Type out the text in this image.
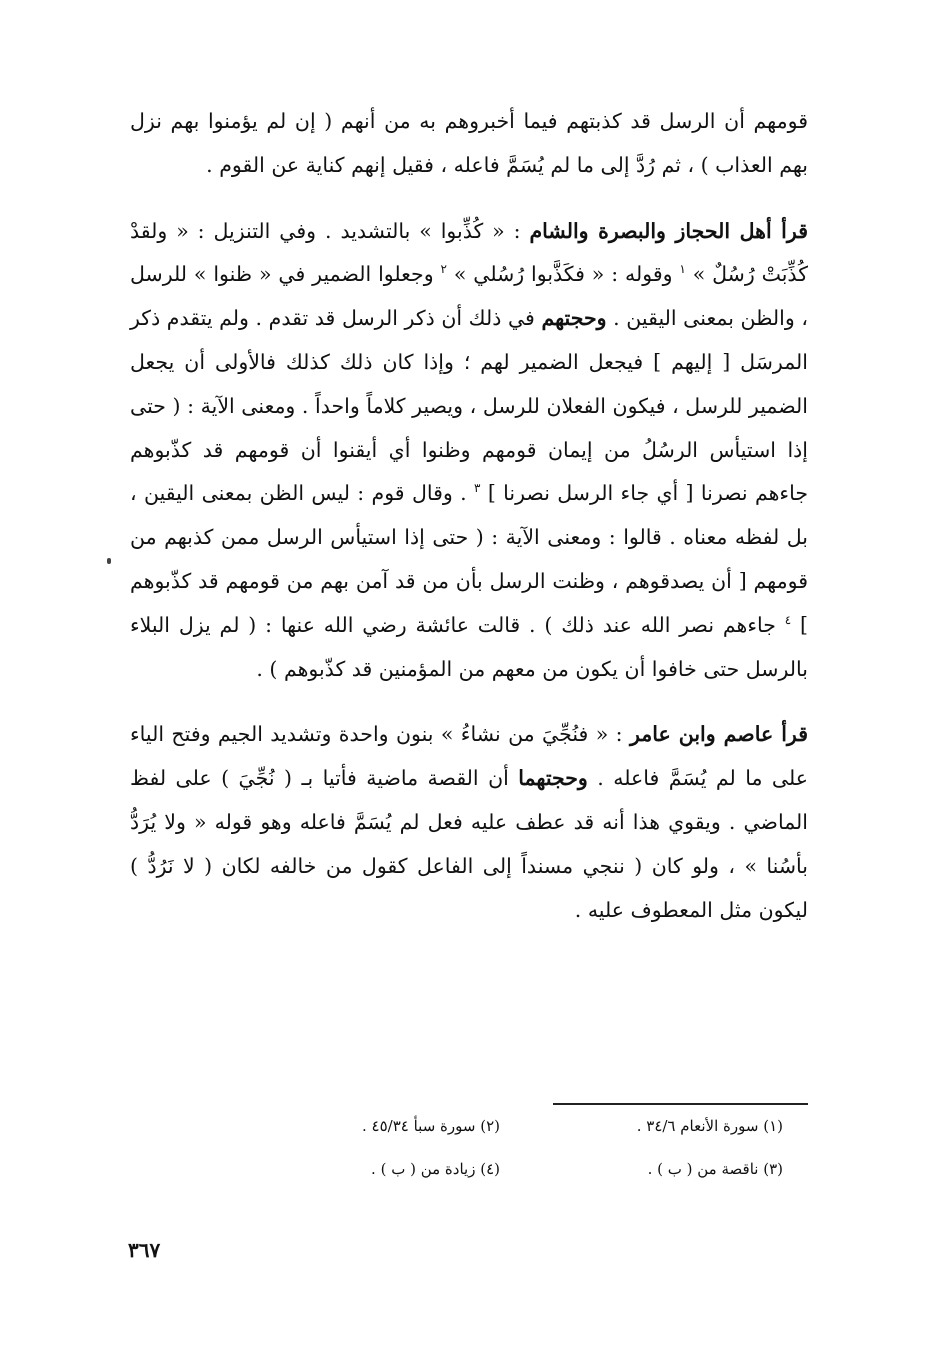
قومهم أن الرسل قد كذبتهم فيما أخبروهم به من أنهم ( إن لم يؤمنوا بهم نزل بهم العذاب ) ، ثم رُدَّ إلى ما لم يُسَمَّ فاعله ، فقيل إنهم كناية عن القوم .

قرأ أهل الحجاز والبصرة والشام : « كُذِّبوا » بالتشديد . وفي التنزيل : « ولقدْ كُذِّبَتْ رُسُلٌ » $^١$ وقوله : « فكَذَّبوا رُسُلي » $^٢$ وجعلوا الضمير في « ظنوا » للرسل ، والظن بمعنى اليقين . وحجتهم في ذلك أن ذكر الرسل قد تقدم . ولم يتقدم ذكر المرسَل [ إليهم ] فيجعل الضمير لهم ؛ وإذا كان ذلك كذلك فالأولى أن يجعل الضمير للرسل ، فيكون الفعلان للرسل ، ويصير كلاماً واحداً . ومعنى الآية : ( حتى إذا استيأس الرسُلُ من إيمان قومهم وظنوا أي أيقنوا أن قومهم قد كذّبوهم جاءهم نصرنا [ أي جاء الرسل نصرنا ] $^٣$ . وقال قوم : ليس الظن بمعنى اليقين ، بل لفظه معناه . قالوا : ومعنى الآية : ( حتى إذا استيأس الرسل ممن كذبهم من قومهم [ أن يصدقوهم ، وظنت الرسل بأن من قد آمن بهم من قومهم قد كذّبوهم ] $^٤$ جاءهم نصر الله عند ذلك ) . قالت عائشة رضي الله عنها : ( لم يزل البلاء بالرسل حتى خافوا أن يكون من معهم من المؤمنين قد كذّبوهم ) .

قرأ عاصم وابن عامر : « فنُجِّيَ من نشاءُ » بنون واحدة وتشديد الجيم وفتح الياء على ما لم يُسَمَّ فاعله . وحجتهما أن القصة ماضية فأتيا بـ ( نُجِّيَ ) على لفظ الماضي . ويقوي هذا أنه قد عطف عليه فعل لم يُسَمَّ فاعله وهو قوله « ولا يُرَدُّ بأسُنا » ، ولو كان ( ننجي مسنداً إلى الفاعل كقول من خالفه لكان ( لا نَرُدُّ ) ليكون مثل المعطوف عليه .

(١) سورة الأنعام ٣٤/٦ .
(٢) سورة سبأ ٤٥/٣٤ .
(٣) ناقصة من ( ب ) .
(٤) زيادة من ( ب ) .
٣٦٧
